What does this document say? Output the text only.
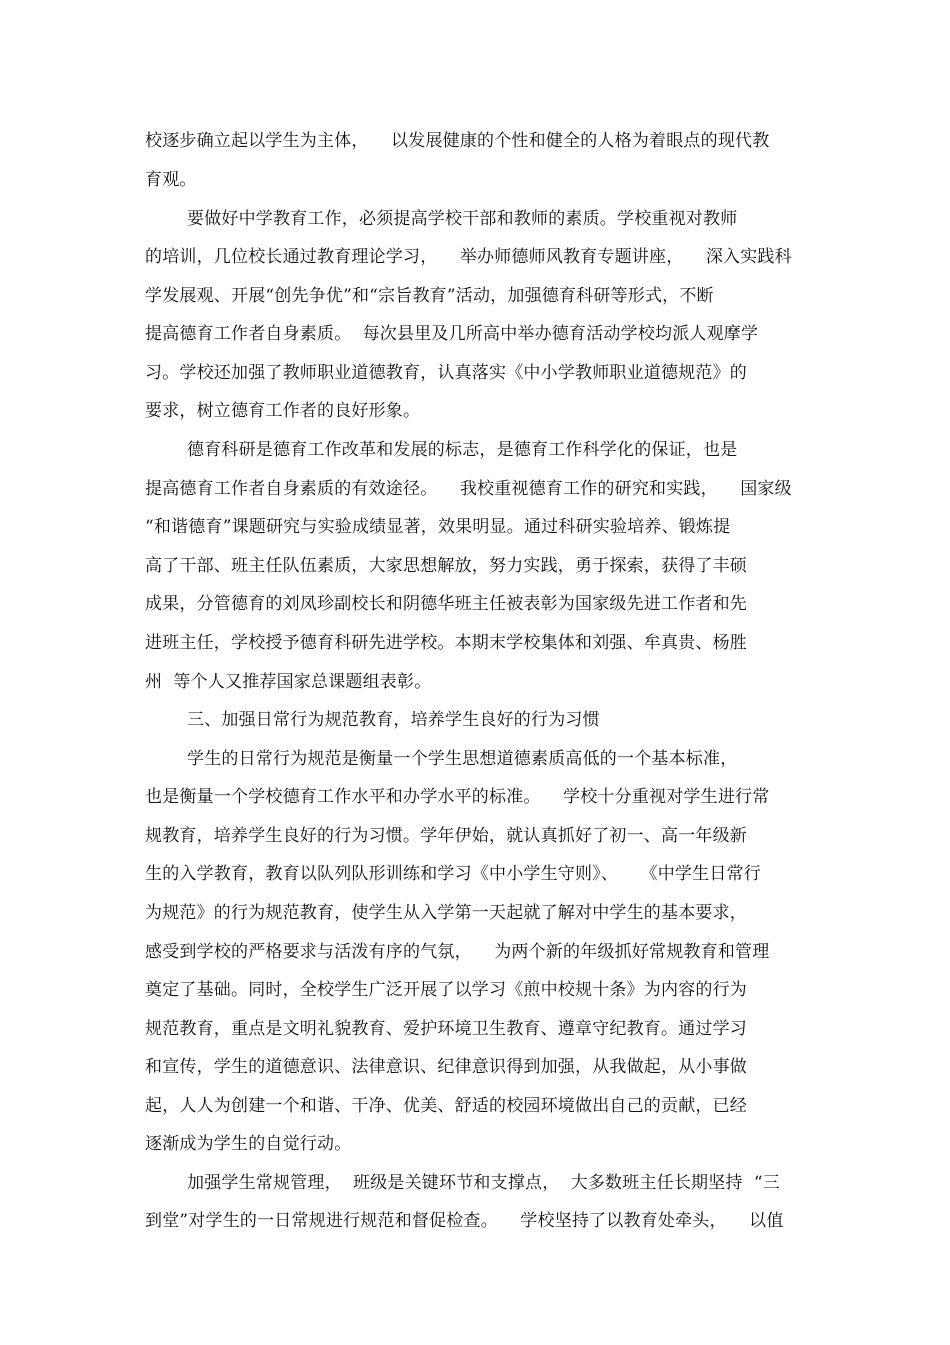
校逐步确立起以学生为主体，    以发展健康的个性和健全的人格为着眼点的现代教
育观。
要做好中学教育工作，必须提高学校干部和教师的素质。学校重视对教师
的培训，几位校长通过教育理论学习，    举办师德师风教育专题讲座，    深入实践科
学发展观、开展“创先争优”和“宗旨教育”活动，加强德育科研等形式，不断
提高德育工作者自身素质。  每次县里及几所高中举办德育活动学校均派人观摩学
习。学校还加强了教师职业道德教育，认真落实《中小学教师职业道德规范》的
要求，树立德育工作者的良好形象。
德育科研是德育工作改革和发展的标志，是德育工作科学化的保证，也是
提高德育工作者自身素质的有效途径。    我校重视德育工作的研究和实践，    国家级
“和谐德育”课题研究与实验成绩显著，效果明显。通过科研实验培养、锻炼提
高了干部、班主任队伍素质，大家思想解放，努力实践，勇于探索，获得了丰硕
成果，分管德育的刘凤珍副校长和阴德华班主任被表彰为国家级先进工作者和先
进班主任，学校授予德育科研先进学校。本期末学校集体和刘强、牟真贵、杨胜
州  等个人又推荐国家总课题组表彰。
三、加强日常行为规范教育，培养学生良好的行为习惯
学生的日常行为规范是衡量一个学生思想道德素质高低的一个基本标准，
也是衡量一个学校德育工作水平和办学水平的标准。    学校十分重视对学生进行常
规教育，培养学生良好的行为习惯。学年伊始，就认真抓好了初一、高一年级新
生的入学教育，教育以队列队形训练和学习《中小学生守则》、    《中学生日常行
为规范》的行为规范教育，使学生从入学第一天起就了解对中学生的基本要求，
感受到学校的严格要求与活泼有序的气氛，    为两个新的年级抓好常规教育和管理
奠定了基础。同时，全校学生广泛开展了以学习《煎中校规十条》为内容的行为
规范教育，重点是文明礼貌教育、爱护环境卫生教育、遵章守纪教育。通过学习
和宣传，学生的道德意识、法律意识、纪律意识得到加强，从我做起，从小事做
起，人人为创建一个和谐、干净、优美、舒适的校园环境做出自己的贡献，已经
逐渐成为学生的自觉行动。
加强学生常规管理，  班级是关键环节和支撑点，  大多数班主任长期坚持  “三
到堂”对学生的一日常规进行规范和督促检查。    学校坚持了以教育处牵头，    以值
